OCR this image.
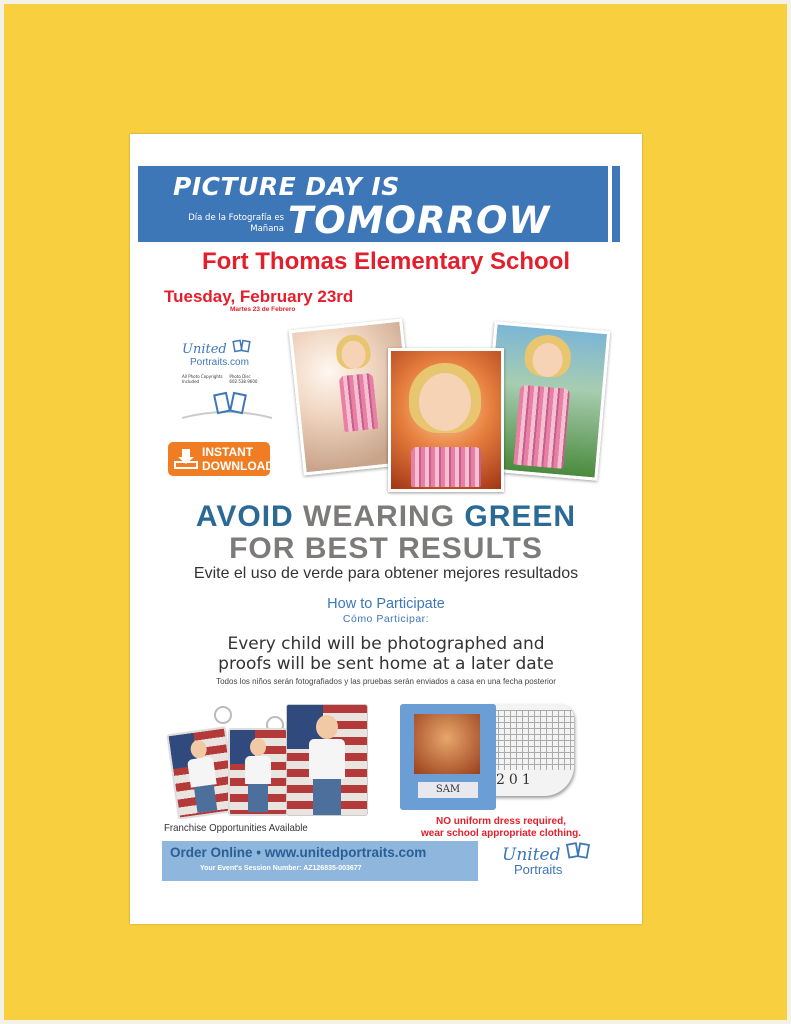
PICTURE DAY IS
Día de la Fotografía es Mañana TOMORROW
Fort Thomas Elementary School
Tuesday, February 23rd
Martes 23 de Febrero
United
Portraits.com
All Photo Copyrights Included
Photo Disc 602.538.9600
INSTANT
DOWNLOAD
AVOID WEARING GREEN
FOR BEST RESULTS
Evite el uso de verde para obtener mejores resultados
How to Participate
Cómo Participar:
Every child will be photographed and
proofs will be sent home at a later date
Todos los niños serán fotografiados y las pruebas serán enviados a casa en una fecha posterior
SAM
201
Franchise Opportunities Available
NO uniform dress required,
wear school appropriate clothing.
Order Online • www.unitedportraits.com
Your Event's Session Number: AZ126835-003677
United
Portraits
